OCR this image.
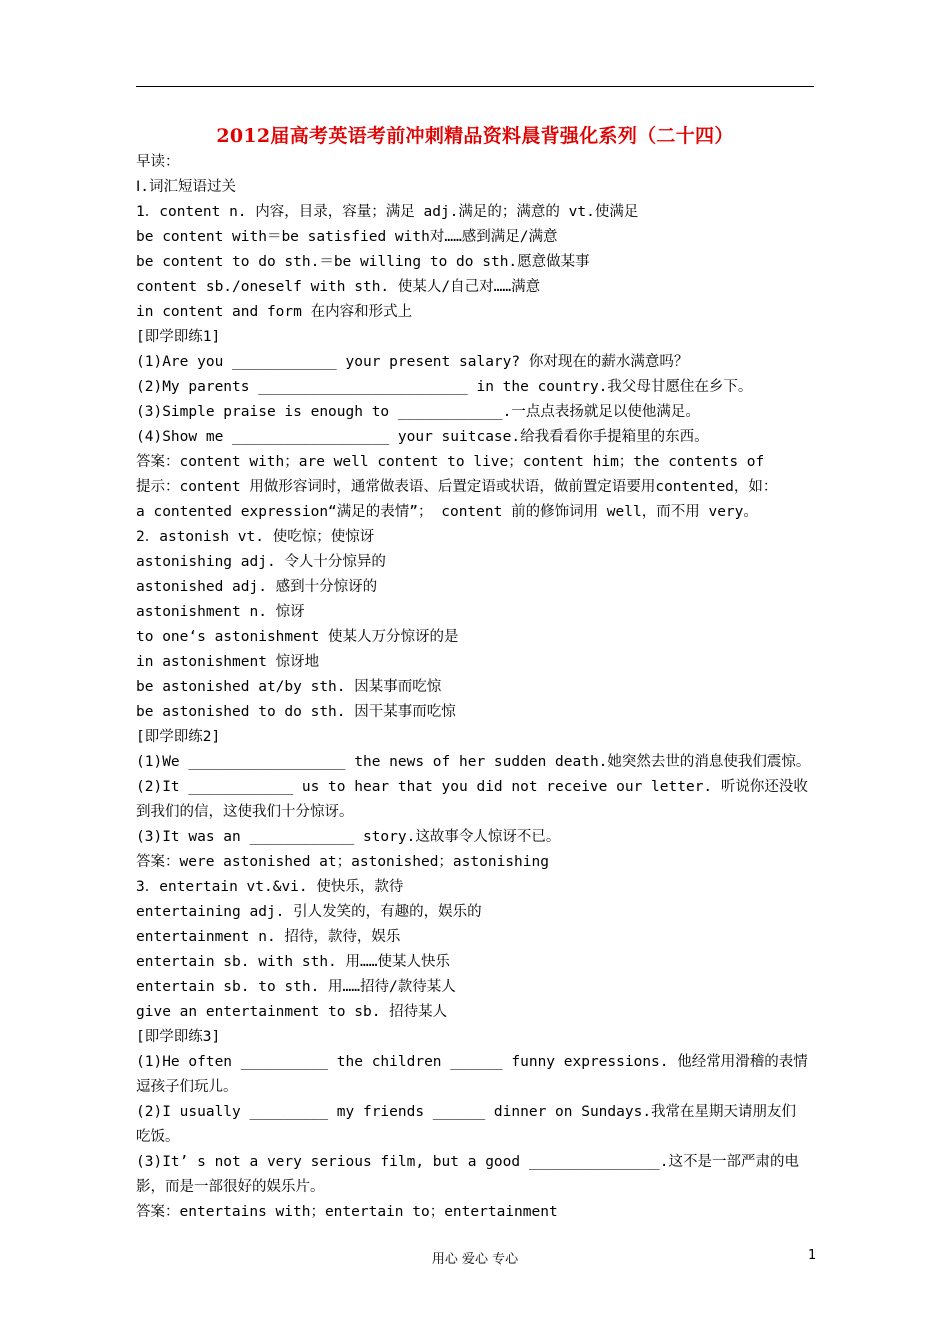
2012届高考英语考前冲刺精品资料晨背强化系列（二十四）
早读：
Ⅰ.词汇短语过关
1．content n. 内容，目录，容量；满足 adj.满足的；满意的 vt.使满足
be content with＝be satisfied with对……感到满足/满意
be content to do sth.＝be willing to do sth.愿意做某事
content sb./oneself with sth. 使某人/自己对……满意
in content and form 在内容和形式上
[即学即练1]
(1)Are you ____________ your present salary? 你对现在的薪水满意吗？
(2)My parents ________________________ in the country.我父母甘愿住在乡下。
(3)Simple praise is enough to ____________.一点点表扬就足以使他满足。
(4)Show me __________________ your suitcase.给我看看你手提箱里的东西。
答案：content with；are well content to live；content him；the contents of
提示：content 用做形容词时，通常做表语、后置定语或状语，做前置定语要用contented，如：
a contented expression“满足的表情”； content 前的修饰词用 well，而不用 very。
2．astonish vt. 使吃惊；使惊讶
astonishing adj. 令人十分惊异的
astonished adj. 感到十分惊讶的
astonishment n. 惊讶
to one‘s astonishment 使某人万分惊讶的是
in astonishment 惊讶地
be astonished at/by sth. 因某事而吃惊
be astonished to do sth. 因干某事而吃惊
[即学即练2]
(1)We __________________ the news of her sudden death.她突然去世的消息使我们震惊。
(2)It ____________ us to hear that you did not receive our letter. 听说你还没收
到我们的信，这使我们十分惊讶。
(3)It was an ____________ story.这故事令人惊讶不已。
答案：were astonished at；astonished；astonishing
3．entertain vt.&vi. 使快乐，款待
entertaining adj. 引人发笑的，有趣的，娱乐的
entertainment n. 招待，款待，娱乐
entertain sb. with sth. 用……使某人快乐
entertain sb. to sth. 用……招待/款待某人
give an entertainment to sb. 招待某人
[即学即练3]
(1)He often __________ the children ______ funny expressions. 他经常用滑稽的表情
逗孩子们玩儿。
(2)I usually _________ my friends ______ dinner on Sundays.我常在星期天请朋友们
吃饭。
(3)It’ s not a very serious film, but a good _______________.这不是一部严肃的电
影，而是一部很好的娱乐片。
答案：entertains with；entertain to；entertainment
用心 爱心 专心	1
